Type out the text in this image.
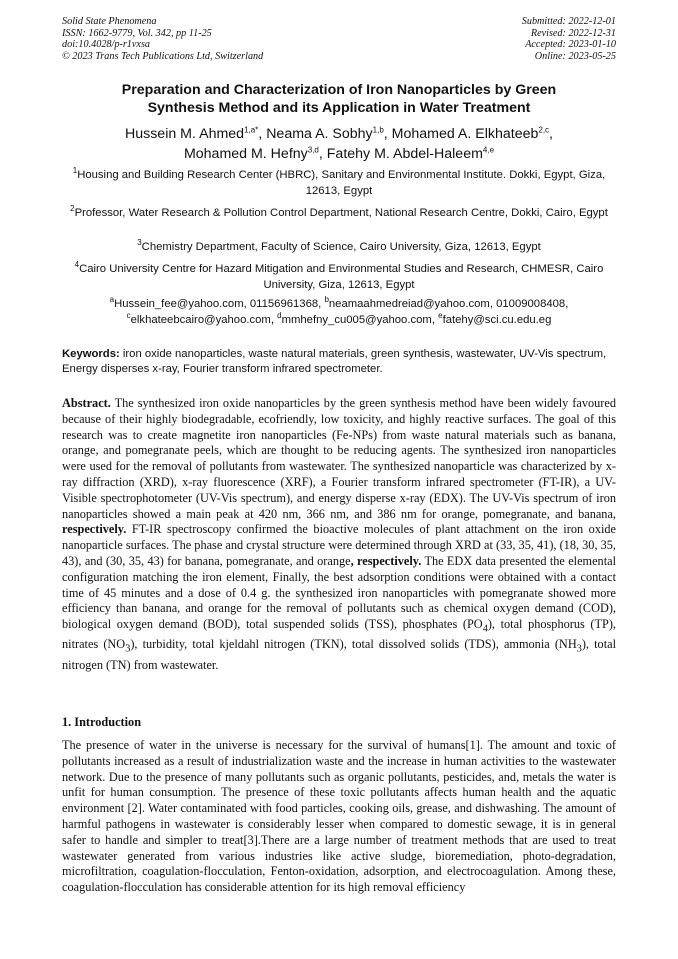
Solid State Phenomena
ISSN: 1662-9779, Vol. 342, pp 11-25
doi:10.4028/p-r1vxsa
© 2023 Trans Tech Publications Ltd, Switzerland
Submitted: 2022-12-01
Revised: 2022-12-31
Accepted: 2023-01-10
Online: 2023-05-25
Preparation and Characterization of Iron Nanoparticles by Green
Synthesis Method and its Application in Water Treatment
Hussein M. Ahmed$^{1,a*}$, Neama A. Sobhy$^{1,b}$, Mohamed A. Elkhateeb$^{2,c}$,
Mohamed M. Hefny$^{3,d}$, Fatehy M. Abdel-Haleem$^{4,e}$
$^1$Housing and Building Research Center (HBRC), Sanitary and Environmental Institute. Dokki, Egypt, Giza, 12613, Egypt
$^2$Professor, Water Research & Pollution Control Department, National Research Centre, Dokki, Cairo, Egypt
$^3$Chemistry Department, Faculty of Science, Cairo University, Giza, 12613, Egypt
$^4$Cairo University Centre for Hazard Mitigation and Environmental Studies and Research, CHMESR, Cairo University, Giza, 12613, Egypt
$^a$Hussein_fee@yahoo.com, 01156961368, $^b$neamaahmedreiad@yahoo.com, 01009008408,
$^c$elkhateebcairo@yahoo.com, $^d$mmhefny_cu005@yahoo.com, $^e$fatehy@sci.cu.edu.eg
Keywords: iron oxide nanoparticles, waste natural materials, green synthesis, wastewater, UV-Vis spectrum, Energy disperses x-ray, Fourier transform infrared spectrometer.
Abstract. The synthesized iron oxide nanoparticles by the green synthesis method have been widely favoured because of their highly biodegradable, ecofriendly, low toxicity, and highly reactive surfaces. The goal of this research was to create magnetite iron nanoparticles (Fe-NPs) from waste natural materials such as banana, orange, and pomegranate peels, which are thought to be reducing agents. The synthesized iron nanoparticles were used for the removal of pollutants from wastewater. The synthesized nanoparticle was characterized by x-ray diffraction (XRD), x-ray fluorescence (XRF), a Fourier transform infrared spectrometer (FT-IR), a UV-Visible spectrophotometer (UV-Vis spectrum), and energy disperse x-ray (EDX). The UV-Vis spectrum of iron nanoparticles showed a main peak at 420 nm, 366 nm, and 386 nm for orange, pomegranate, and banana, respectively. FT-IR spectroscopy confirmed the bioactive molecules of plant attachment on the iron oxide nanoparticle surfaces. The phase and crystal structure were determined through XRD at (33, 35, 41), (18, 30, 35, 43), and (30, 35, 43) for banana, pomegranate, and orange, respectively. The EDX data presented the elemental configuration matching the iron element, Finally, the best adsorption conditions were obtained with a contact time of 45 minutes and a dose of 0.4 g. the synthesized iron nanoparticles with pomegranate showed more efficiency than banana, and orange for the removal of pollutants such as chemical oxygen demand (COD), biological oxygen demand (BOD), total suspended solids (TSS), phosphates $(PO_4)$, total phosphorus (TP), nitrates $(NO_3)$, turbidity, total kjeldahl nitrogen (TKN), total dissolved solids (TDS), ammonia $(NH_3)$, total nitrogen (TN) from wastewater.
1. Introduction
The presence of water in the universe is necessary for the survival of humans[1]. The amount and toxic of pollutants increased as a result of industrialization waste and the increase in human activities to the wastewater network. Due to the presence of many pollutants such as organic pollutants, pesticides, and, metals the water is unfit for human consumption. The presence of these toxic pollutants affects human health and the aquatic environment [2]. Water contaminated with food particles, cooking oils, grease, and dishwashing. The amount of harmful pathogens in wastewater is considerably lesser when compared to domestic sewage, it is in general safer to handle and simpler to treat[3].There are a large number of treatment methods that are used to treat wastewater generated from various industries like active sludge, bioremediation, photo-degradation, microfiltration, coagulation-flocculation, Fenton-oxidation, adsorption, and electrocoagulation. Among these, coagulation-flocculation has considerable attention for its high removal efficiency
